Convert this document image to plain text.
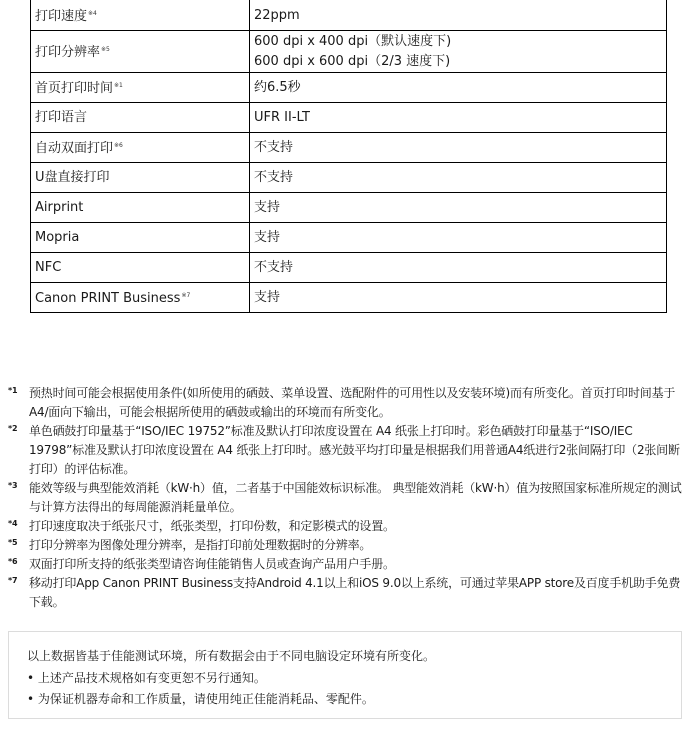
打印速度$^{※4}$	22ppm

打印分辨率$^{※5}$	600 dpi x 400 dpi（默认速度下)
600 dpi x 600 dpi（2/3 速度下)

首页打印时间$^{※1}$	约6.5秒

打印语言	UFR II-LT

自动双面打印$^{※6}$	不支持

U盘直接打印	不支持

Airprint	支持

Mopria	支持

NFC	不支持

Canon PRINT Business$^{※7}$	支持
*1 预热时间可能会根据使用条件(如所使用的硒鼓、菜单设置、选配附件的可用性以及安装环境)而有所变化。首页打印时间基于A4/面向下输出，可能会根据所使用的硒鼓或输出的环境而有所变化。
*2 单色硒鼓打印量基于“ISO/IEC 19752”标准及默认打印浓度设置在 A4 纸张上打印时。彩色硒鼓打印量基于“ISO/IEC 19798”标准及默认打印浓度设置在 A4 纸张上打印时。感光鼓平均打印量是根据我们用普通A4纸进行2张间隔打印（2张间断打印）的评估标准。
*3 能效等级与典型能效消耗（kW·h）值，二者基于中国能效标识标准。 典型能效消耗（kW·h）值为按照国家标准所规定的测试与计算方法得出的每周能源消耗量单位。
*4 打印速度取决于纸张尺寸，纸张类型，打印份数，和定影模式的设置。
*5 打印分辨率为图像处理分辨率，是指打印前处理数据时的分辨率。
*6 双面打印所支持的纸张类型请咨询佳能销售人员或查询产品用户手册。
*7 移动打印App Canon PRINT Business支持Android 4.1以上和iOS 9.0以上系统，可通过苹果APP store及百度手机助手免费下载。

以上数据皆基于佳能测试环境，所有数据会由于不同电脑设定环境有所变化。

• 上述产品技术规格如有变更恕不另行通知。

• 为保证机器寿命和工作质量，请使用纯正佳能消耗品、零配件。
